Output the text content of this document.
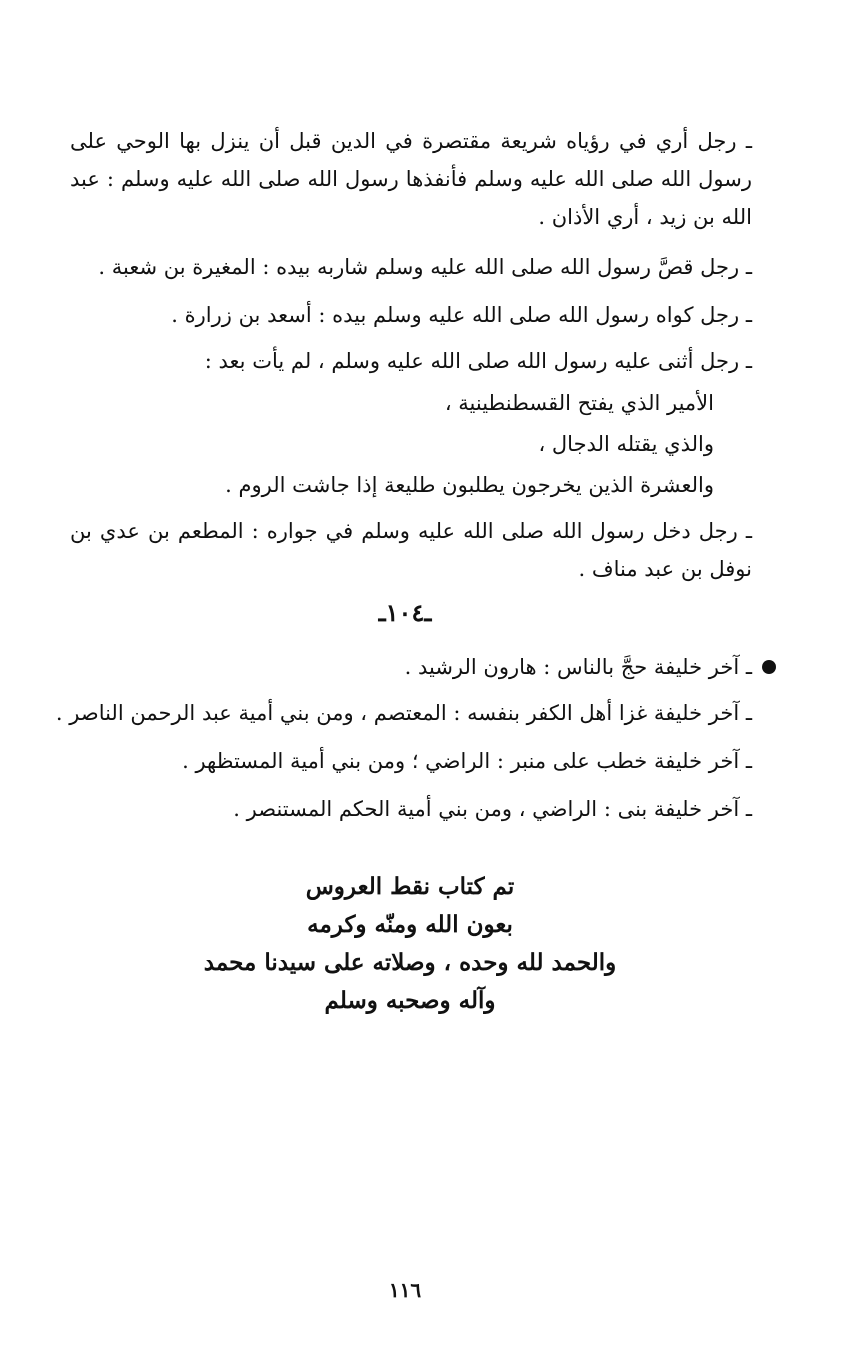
ـ رجل أري في رؤياه شريعة مقتصرة في الدين قبل أن ينزل بها الوحي على رسول الله صلى الله عليه وسلم فأنفذها رسول الله صلى الله عليه وسلم : عبد الله بن زيد ، أري الأذان .
ـ رجل قصَّ رسول الله صلى الله عليه وسلم شاربه بيده : المغيرة بن شعبة .
ـ رجل كواه رسول الله صلى الله عليه وسلم بيده : أسعد بن زرارة .
ـ رجل أثنى عليه رسول الله صلى الله عليه وسلم ، لم يأت بعد :
الأمير الذي يفتح القسطنطينية ،
والذي يقتله الدجال ،
والعشرة الذين يخرجون يطلبون طليعة إذا جاشت الروم .
ـ رجل دخل رسول الله صلى الله عليه وسلم في جواره : المطعم بن عدي بن نوفل بن عبد مناف .
ـ١٠٤ـ
ـ آخر خليفة حجَّ بالناس : هارون الرشيد .
ـ آخر خليفة غزا أهل الكفر بنفسه : المعتصم ، ومن بني أمية عبد الرحمن الناصر .
ـ آخر خليفة خطب على منبر : الراضي ؛ ومن بني أمية المستظهر .
ـ آخر خليفة بنى : الراضي ، ومن بني أمية الحكم المستنصر .
تم كتاب نقط العروس
بعون الله ومنّه وكرمه
والحمد لله وحده ، وصلاته على سيدنا محمد
وآله وصحبه وسلم
١١٦
